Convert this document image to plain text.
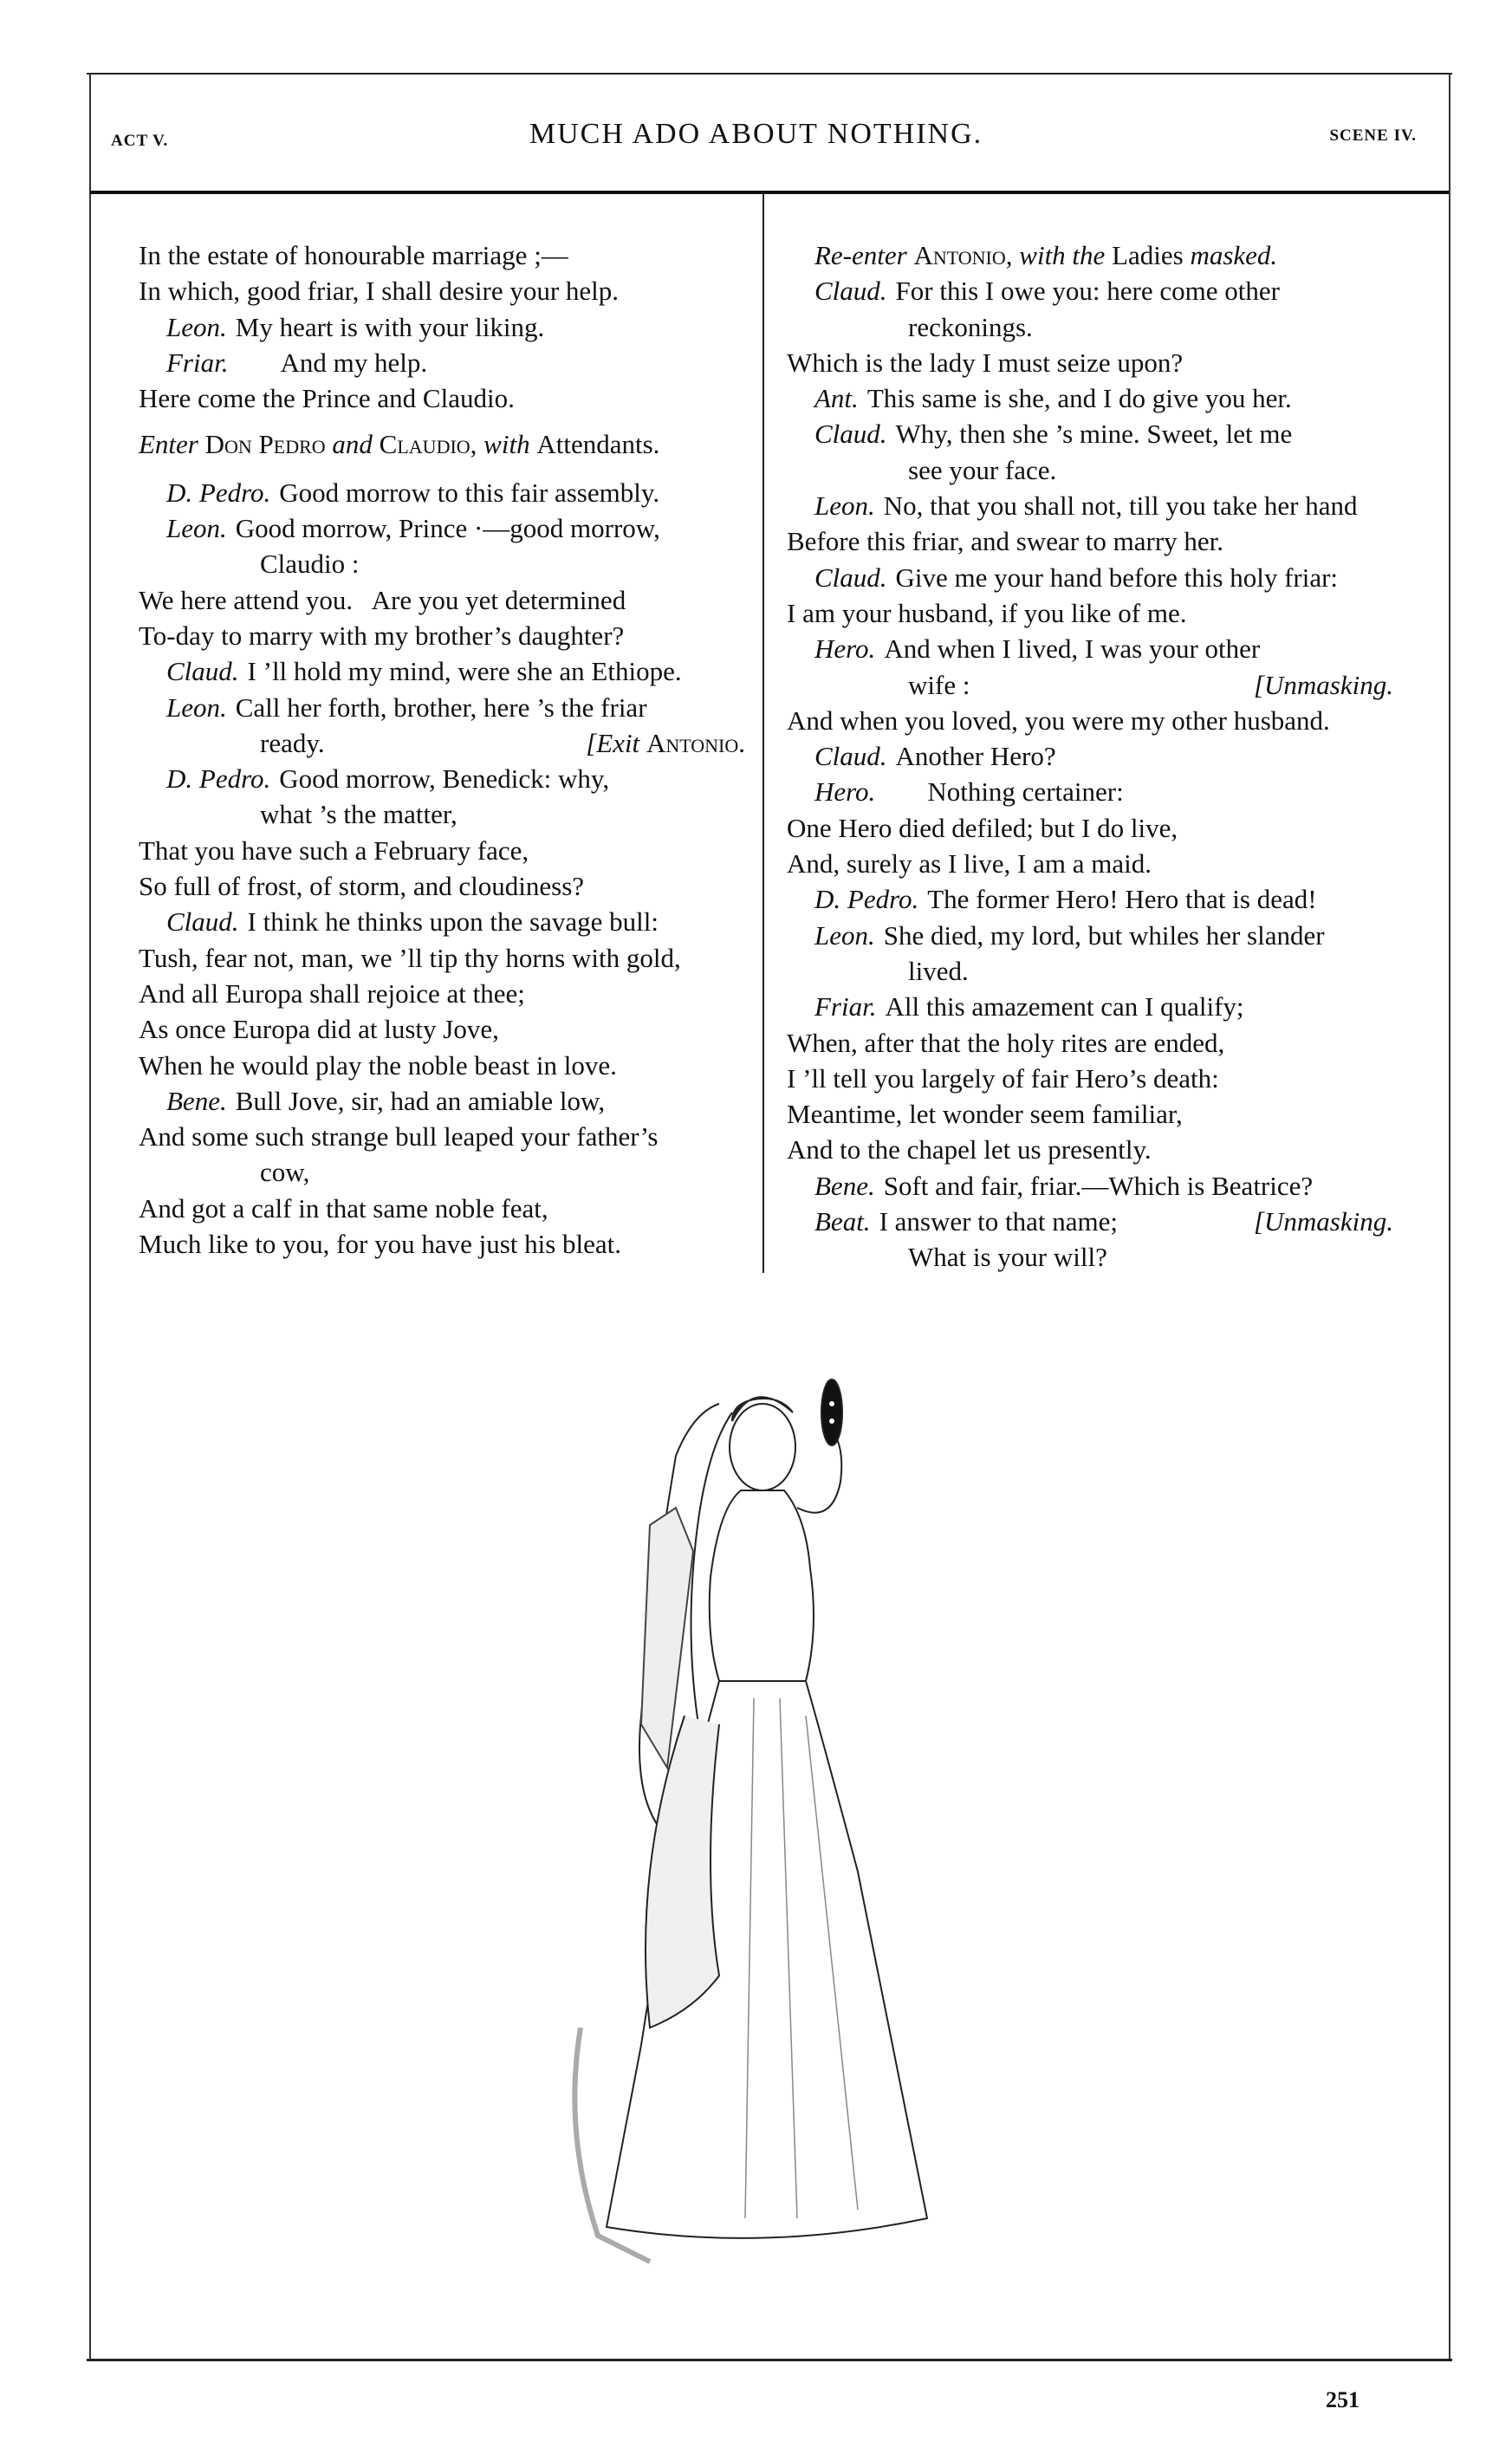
ACT V.	MUCH ADO ABOUT NOTHING.	SCENE IV.
In the estate of honourable marriage ;—
In which, good friar, I shall desire your help.
Leon. My heart is with your liking.
Friar. And my help.
Here come the Prince and Claudio.
Enter Don Pedro and Claudio , with Attendants.
D. Pedro. Good morrow to this fair assembly.
Leon. Good morrow, Prince ·—good morrow,
Claudio :
We here attend you.   Are you yet determined
To-day to marry with my brother’s daughter?
Claud. I ’ll hold my mind, were she an Ethiope.
Leon. Call her forth, brother, here ’s the friar
ready.	[Exit Antonio.
D. Pedro. Good morrow, Benedick: why,
what ’s the matter,
That you have such a February face,
So full of frost, of storm, and cloudiness?
Claud. I think he thinks upon the savage bull:
Tush, fear not, man, we ’ll tip thy horns with gold,
And all Europa shall rejoice at thee;
As once Europa did at lusty Jove,
When he would play the noble beast in love.
Bene. Bull Jove, sir, had an amiable low,
And some such strange bull leaped your father’s
cow,
And got a calf in that same noble feat,
Much like to you, for you have just his bleat.
Re-enter Antonio , with the Ladies masked.
Claud. For this I owe you: here come other
reckonings.
Which is the lady I must seize upon?
Ant. This same is she, and I do give you her.
Claud. Why, then she ’s mine. Sweet, let me
see your face.
Leon. No, that you shall not, till you take her hand
Before this friar, and swear to marry her.
Claud. Give me your hand before this holy friar:
I am your husband, if you like of me.
Hero. And when I lived, I was your other
wife :	[Unmasking.
And when you loved, you were my other husband.
Claud. Another Hero?
Hero. Nothing certainer:
One Hero died defiled; but I do live,
And, surely as I live, I am a maid.
D. Pedro. The former Hero! Hero that is dead!
Leon. She died, my lord, but whiles her slander
lived.
Friar. All this amazement can I qualify;
When, after that the holy rites are ended,
I ’ll tell you largely of fair Hero’s death:
Meantime, let wonder seem familiar,
And to the chapel let us presently.
Bene. Soft and fair, friar.—Which is Beatrice?
Beat. I answer to that name;	[Unmasking.
What is your will?
251
